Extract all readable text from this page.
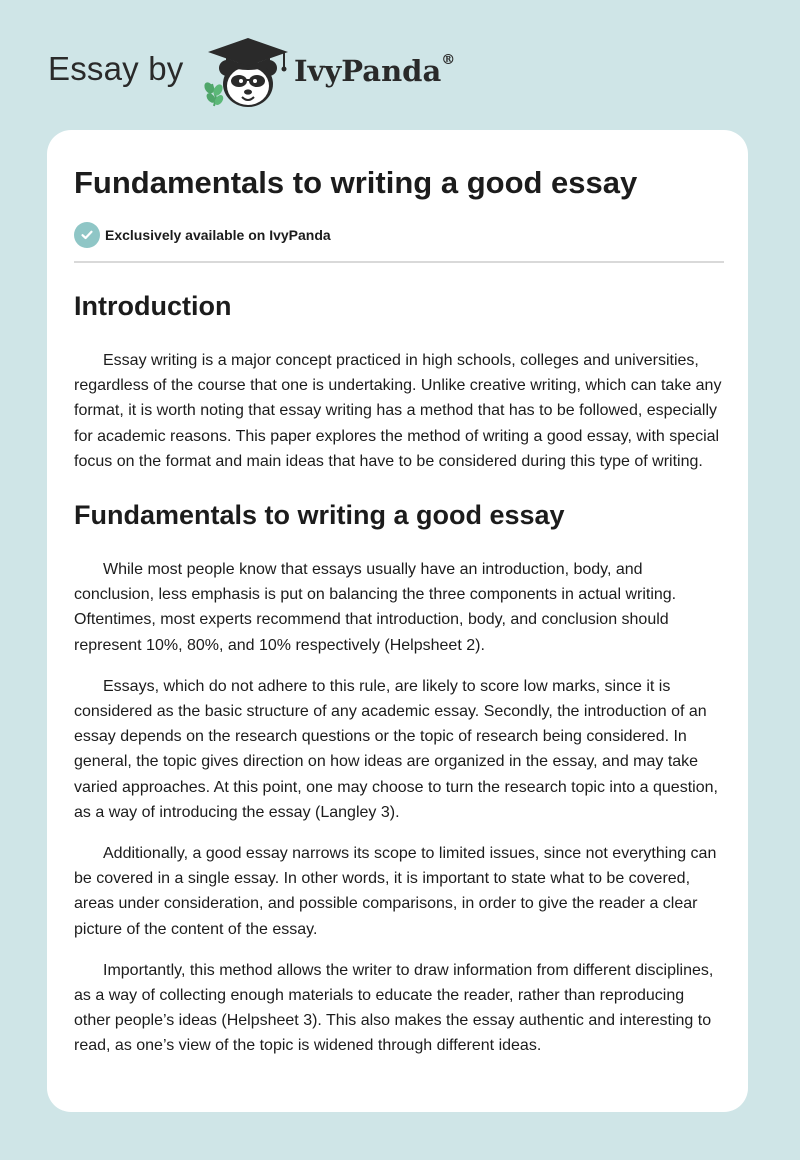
Essay by	IvyPanda®
Fundamentals to writing a good essay
Exclusively available on IvyPanda
Introduction

Essay writing is a major concept practiced in high schools, colleges and universities, regardless of the course that one is undertaking. Unlike creative writing, which can take any format, it is worth noting that essay writing has a method that has to be followed, especially for academic reasons. This paper explores the method of writing a good essay, with special focus on the format and main ideas that have to be considered during this type of writing.

Fundamentals to writing a good essay

While most people know that essays usually have an introduction, body, and conclusion, less emphasis is put on balancing the three components in actual writing. Oftentimes, most experts recommend that introduction, body, and conclusion should represent 10%, 80%, and 10% respectively (Helpsheet 2).

Essays, which do not adhere to this rule, are likely to score low marks, since it is considered as the basic structure of any academic essay. Secondly, the introduction of an essay depends on the research questions or the topic of research being considered. In general, the topic gives direction on how ideas are organized in the essay, and may take varied approaches. At this point, one may choose to turn the research topic into a question, as a way of introducing the essay (Langley 3).

Additionally, a good essay narrows its scope to limited issues, since not everything can be covered in a single essay. In other words, it is important to state what to be covered, areas under consideration, and possible comparisons, in order to give the reader a clear picture of the content of the essay.

Importantly, this method allows the writer to draw information from different disciplines, as a way of collecting enough materials to educate the reader, rather than reproducing other people’s ideas (Helpsheet 3). This also makes the essay authentic and interesting to read, as one’s view of the topic is widened through different ideas.
